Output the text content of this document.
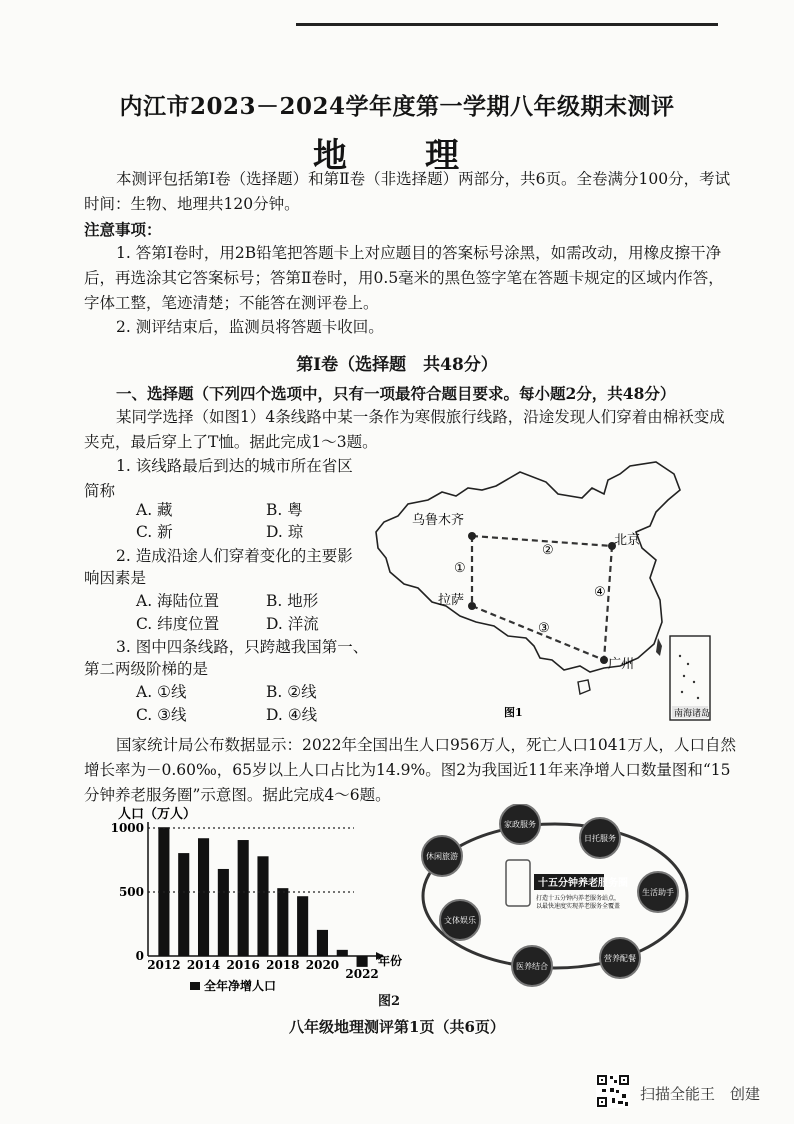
内江市2023－2024学年度第一学期八年级期末测评
地　理
本测评包括第Ⅰ卷（选择题）和第Ⅱ卷（非选择题）两部分，共6页。全卷满分100分，考试时间：生物、地理共120分钟。
注意事项：
1. 答第Ⅰ卷时，用2B铅笔把答题卡上对应题目的答案标号涂黑，如需改动，用橡皮擦干净后，再选涂其它答案标号；答第Ⅱ卷时，用0.5毫米的黑色签字笔在答题卡规定的区域内作答，字体工整，笔迹清楚；不能答在测评卷上。
2. 测评结束后，监测员将答题卡收回。
第Ⅰ卷（选择题　共48分）
一、选择题（下列四个选项中，只有一项最符合题目要求。每小题2分，共48分）
某同学选择（如图1）4条线路中某一条作为寒假旅行线路，沿途发现人们穿着由棉袄变成夹克，最后穿上了T恤。据此完成1～3题。
1. 该线路最后到达的城市所在省区
简称
A. 藏	B. 粤
C. 新	D. 琼
2. 造成沿途人们穿着变化的主要影
响因素是
A. 海陆位置	B. 地形
C. 纬度位置	D. 洋流
3. 图中四条线路，只跨越我国第一、
第二两级阶梯的是
A. ①线	B. ②线
C. ③线	D. ④线
乌鲁木齐
北京
拉萨
广州
①
②
③
④
南海诸岛
图1
国家统计局公布数据显示：2022年全国出生人口956万人，死亡人口1041万人，人口自然增长率为－0.60‰，65岁以上人口占比为14.9%。图2为我国近11年来净增人口数量图和“15分钟养老服务圈”示意图。据此完成4～6题。
人口（万人）
0
500
1000
2012 2014 2016 2018 2020
2022
年份
全年净增人口
十五分钟养老服务圈
打造十五分钟内养老服务站点，
以最快速度实现养老服务全覆盖
家政服务
日托服务
生活助手
营养配餐
医养结合
文体娱乐
休闲旅游
图2
八年级地理测评第1页（共6页）
扫描全能王　创建
